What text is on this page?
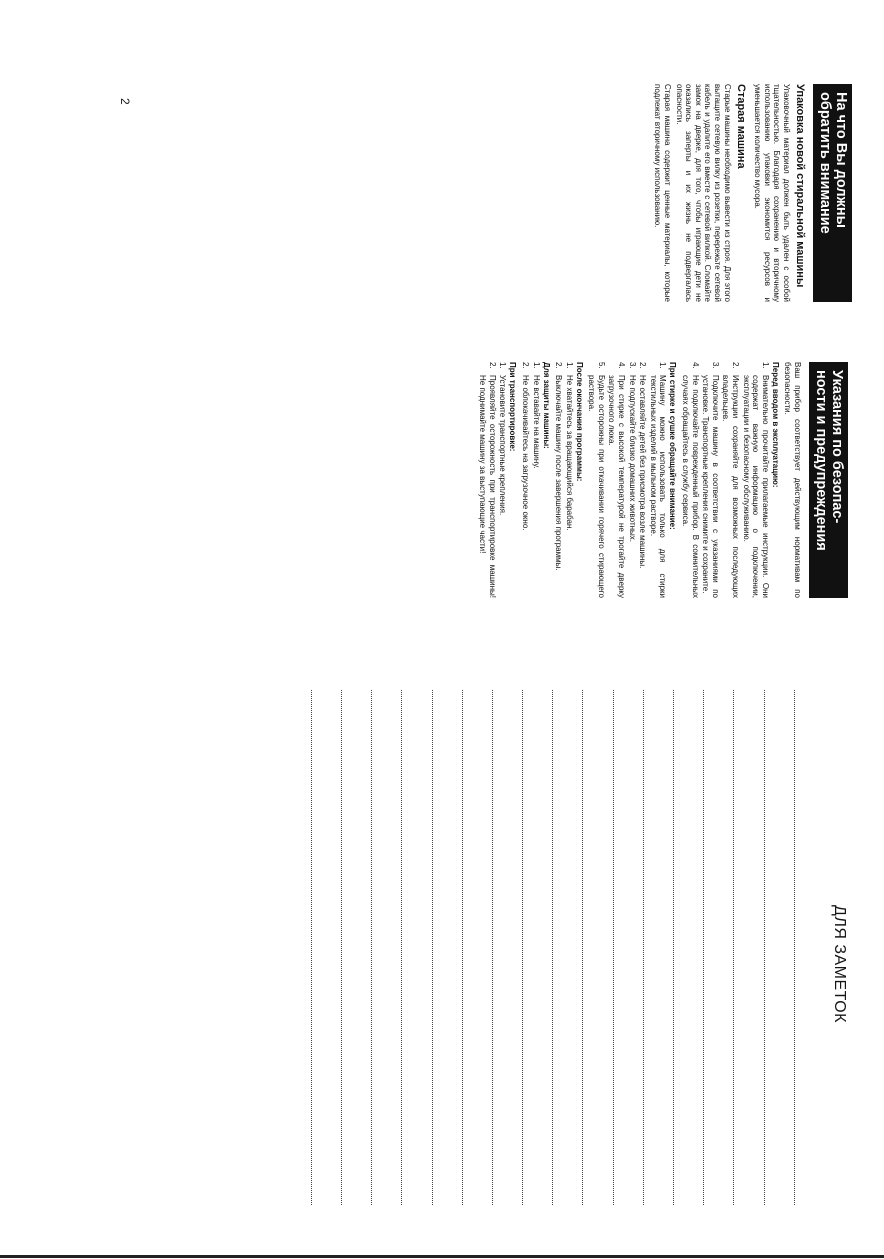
На что Вы должны
обратить внимание
Упаковка новой стиральной машины

Упаковочный материал должен быть удален с особой тщательностью. Благодаря сохранению и вторичному использованию упаковки экономится ресурсов и уменьшается количество мусора.

Старая машина

Старые машины необходимо вывести из строя. Для этого вытащите сетевую вилку из розетки, перережьте сетевой кабель и удалите его вместе с сетевой вилкой. Сломайте замок на дверке, для того, чтобы играющие дети не оказались заперты и их жизнь не подвергалась опасности.

Старая машина содержит ценные материалы, которые подлежат вторичному использованию.

Указания по безопас-
ности и предупреждения

Ваш прибор соответствует действующим нормативам по безопасности.

Перед вводом в эксплуатацию:
1.
Внимательно прочитайте прилагаемые инструкции. Они содержат важную информацию о подключении, эксплуатации и безопасному обслуживанию.
2.
Инструкции сохраняйте для возможных последующих владельцев.
3.
Подключите машину в соответствии с указаниями по установке. Транспортные крепления снимите и сохраните.
4.
Не подключайте поврежденный прибор. В сомнительных случаях обращайтесь в службу сервиса.
При стирке и сушке обращайте внимание:
1.
Машину можно использовать только для стирки текстильных изделий в мыльном растворе.
2.
Не оставляйте детей без присмотра возле машины.
3.
Не подпускайте близко домашних животных.
4.
При стирке с высокой температурой не трогайте дверку загрузочного люка.
5.
Будьте осторожны при откачивании горячего стирающего раствора.
После окончания программы:
1.
Не хватайтесь за вращающийся барабан.
2.
Выключайте машину после завершения программы.
Для защиты машины:
1.
Не вставайте на машину.
2.
Не облокачивайтесь на загрузочное окно.
При транспортировке:
1.
Установите транспортные крепления.
2.
Проявляйте осторожность при транспортировке машины! Не поднимайте машину за выступающие части!
ДЛЯ ЗАМЕТОК
2
